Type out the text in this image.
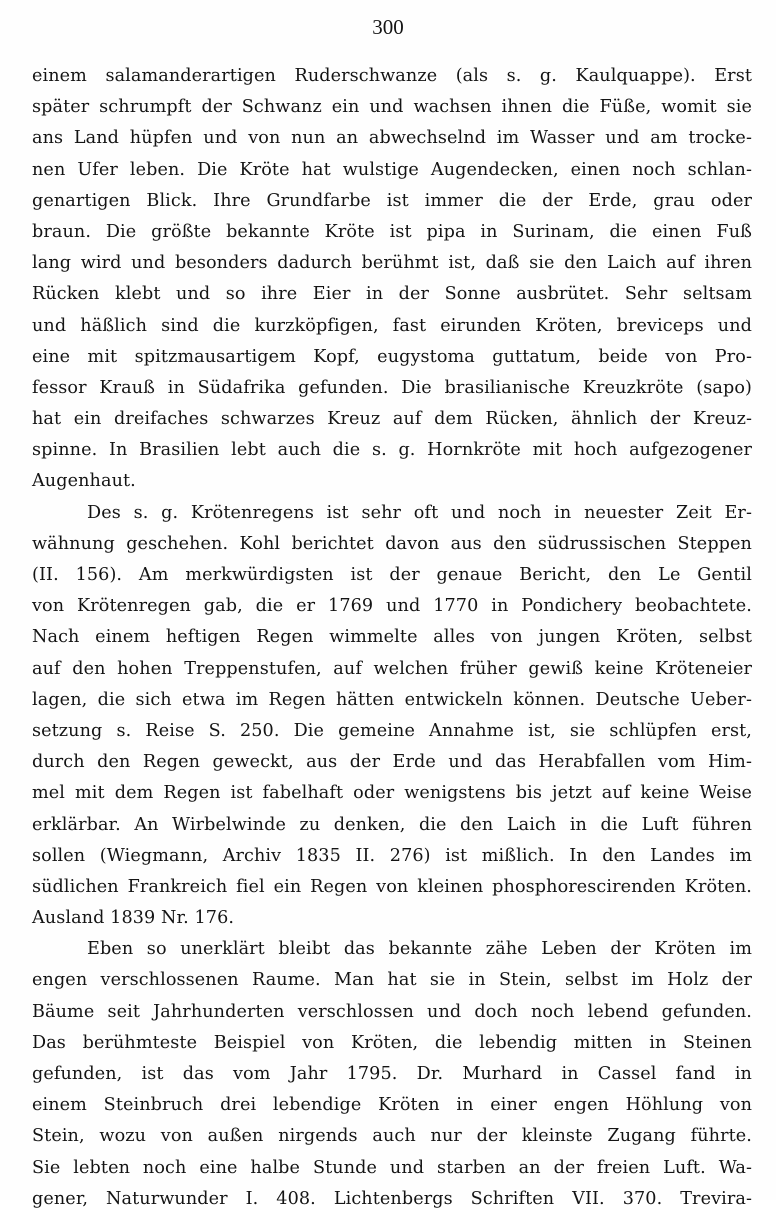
300
einem salamanderartigen Ruderschwanze (als s. g. Kaulquappe). Erst
später schrumpft der Schwanz ein und wachsen ihnen die Füße, womit sie
ans Land hüpfen und von nun an abwechselnd im Wasser und am trocke-
nen Ufer leben. Die Kröte hat wulstige Augendecken, einen noch schlan-
genartigen Blick. Ihre Grundfarbe ist immer die der Erde, grau oder
braun. Die größte bekannte Kröte ist pipa in Surinam, die einen Fuß
lang wird und besonders dadurch berühmt ist, daß sie den Laich auf ihren
Rücken klebt und so ihre Eier in der Sonne ausbrütet. Sehr seltsam
und häßlich sind die kurzköpfigen, fast eirunden Kröten, breviceps und
eine mit spitzmausartigem Kopf, eugystoma guttatum, beide von Pro-
fessor Krauß in Südafrika gefunden. Die brasilianische Kreuzkröte (sapo)
hat ein dreifaches schwarzes Kreuz auf dem Rücken, ähnlich der Kreuz-
spinne. In Brasilien lebt auch die s. g. Hornkröte mit hoch aufgezogener
Augenhaut.
Des s. g. Krötenregens ist sehr oft und noch in neuester Zeit Er-
wähnung geschehen. Kohl berichtet davon aus den südrussischen Steppen
(II. 156). Am merkwürdigsten ist der genaue Bericht, den Le Gentil
von Krötenregen gab, die er 1769 und 1770 in Pondichery beobachtete.
Nach einem heftigen Regen wimmelte alles von jungen Kröten, selbst
auf den hohen Treppenstufen, auf welchen früher gewiß keine Kröteneier
lagen, die sich etwa im Regen hätten entwickeln können. Deutsche Ueber-
setzung s. Reise S. 250. Die gemeine Annahme ist, sie schlüpfen erst,
durch den Regen geweckt, aus der Erde und das Herabfallen vom Him-
mel mit dem Regen ist fabelhaft oder wenigstens bis jetzt auf keine Weise
erklärbar. An Wirbelwinde zu denken, die den Laich in die Luft führen
sollen (Wiegmann, Archiv 1835 II. 276) ist mißlich. In den Landes im
südlichen Frankreich fiel ein Regen von kleinen phosphorescirenden Kröten.
Ausland 1839 Nr. 176.
Eben so unerklärt bleibt das bekannte zähe Leben der Kröten im
engen verschlossenen Raume. Man hat sie in Stein, selbst im Holz der
Bäume seit Jahrhunderten verschlossen und doch noch lebend gefunden.
Das berühmteste Beispiel von Kröten, die lebendig mitten in Steinen
gefunden, ist das vom Jahr 1795. Dr. Murhard in Cassel fand in
einem Steinbruch drei lebendige Kröten in einer engen Höhlung von
Stein, wozu von außen nirgends auch nur der kleinste Zugang führte.
Sie lebten noch eine halbe Stunde und starben an der freien Luft. Wa-
gener, Naturwunder I. 408. Lichtenbergs Schriften VII. 370. Trevira-
